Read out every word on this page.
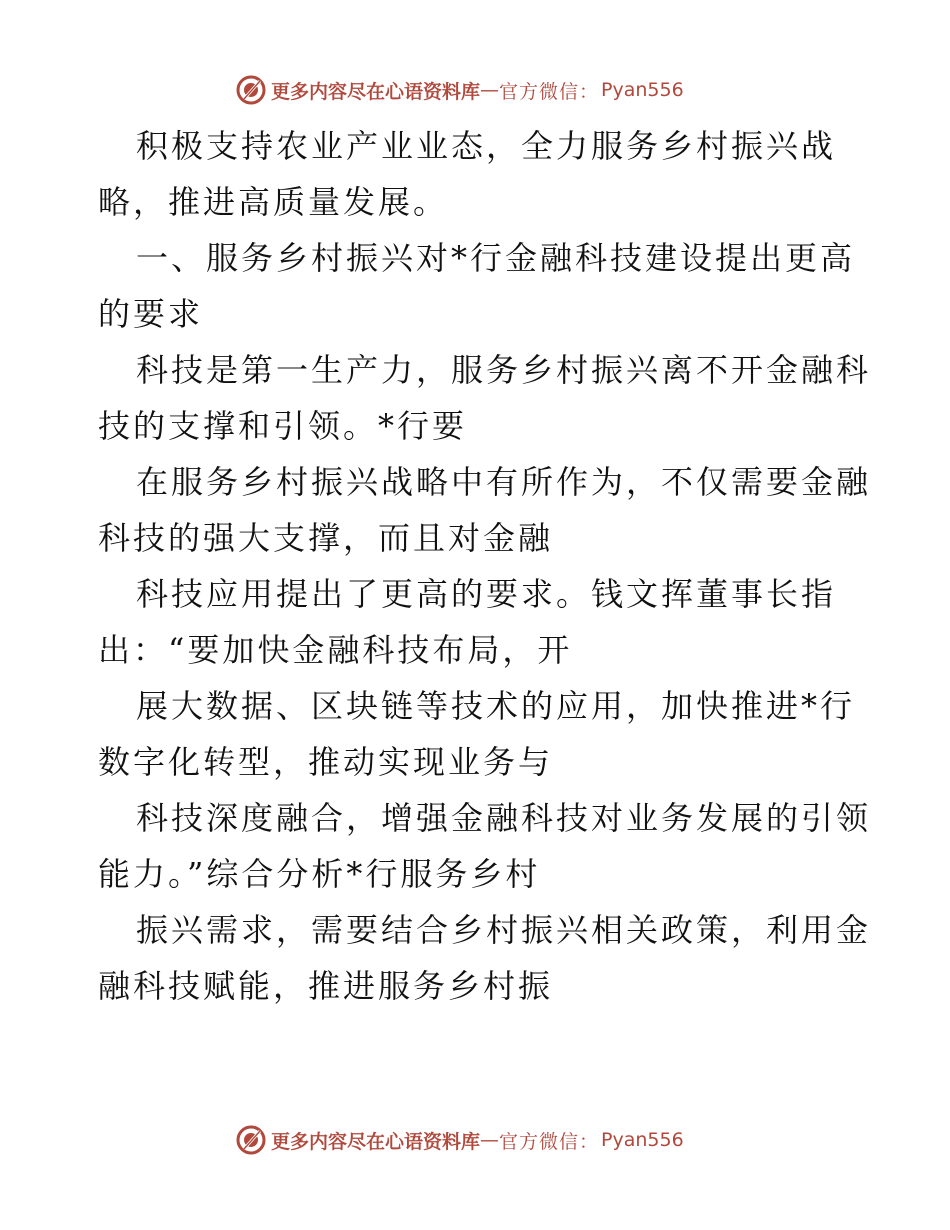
更多内容尽在心语资料库 — 官方微信： Pyan556

积极支持农业产业业态，全力服务乡村振兴战
略，推进高质量发展。

一、服务乡村振兴对*行金融科技建设提出更高
的要求

科技是第一生产力，服务乡村振兴离不开金融科
技的支撑和引领。*行要

在服务乡村振兴战略中有所作为，不仅需要金融
科技的强大支撑，而且对金融

科技应用提出了更高的要求。钱文挥董事长指
出：“要加快金融科技布局，开

展大数据、区块链等技术的应用，加快推进*行
数字化转型，推动实现业务与

科技深度融合，增强金融科技对业务发展的引领
能力。”综合分析*行服务乡村

振兴需求，需要结合乡村振兴相关政策，利用金
融科技赋能，推进服务乡村振

更多内容尽在心语资料库 — 官方微信： Pyan556
